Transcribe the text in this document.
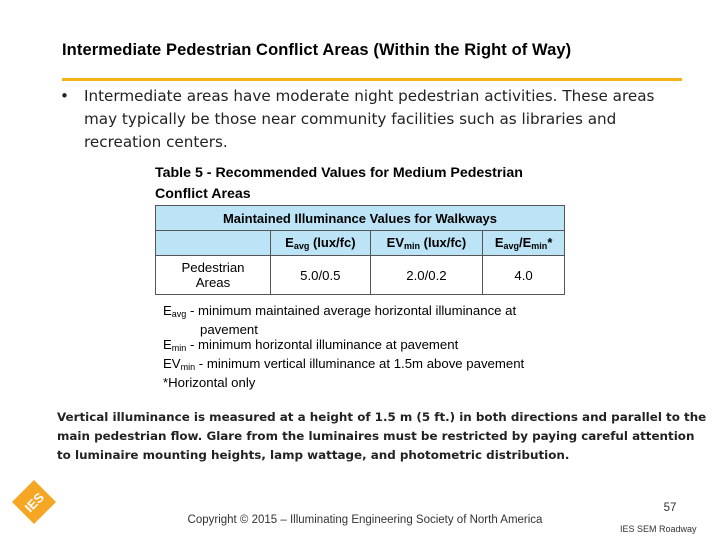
Intermediate Pedestrian Conflict Areas (Within the Right of Way)
• Intermediate areas have moderate night pedestrian activities. These areas may typically be those near community facilities such as libraries and recreation centers.
Table 5 - Recommended Values for Medium Pedestrian
Conflict Areas
Maintained Illuminance Values for Walkways			
	$E_{avg}$ (lux/fc)	$EV_{min}$ (lux/fc)	$E_{avg}/E_{min}*$

Pedestrian
Areas	5.0/0.5	2.0/0.2	4.0
$E_{avg}$ - minimum maintained average horizontal illuminance at
pavement
$E_{min}$ - minimum horizontal illuminance at pavement
$EV_{min}$ - minimum vertical illuminance at 1.5m above pavement
*Horizontal only
Vertical illuminance is measured at a height of 1.5 m (5 ft.) in both directions and parallel to the main pedestrian flow. Glare from the luminaires must be restricted by paying careful attention to luminaire mounting heights, lamp wattage, and photometric distribution.
IES
Copyright © 2015 – Illuminating Engineering Society of North America
57
IES SEM Roadway
